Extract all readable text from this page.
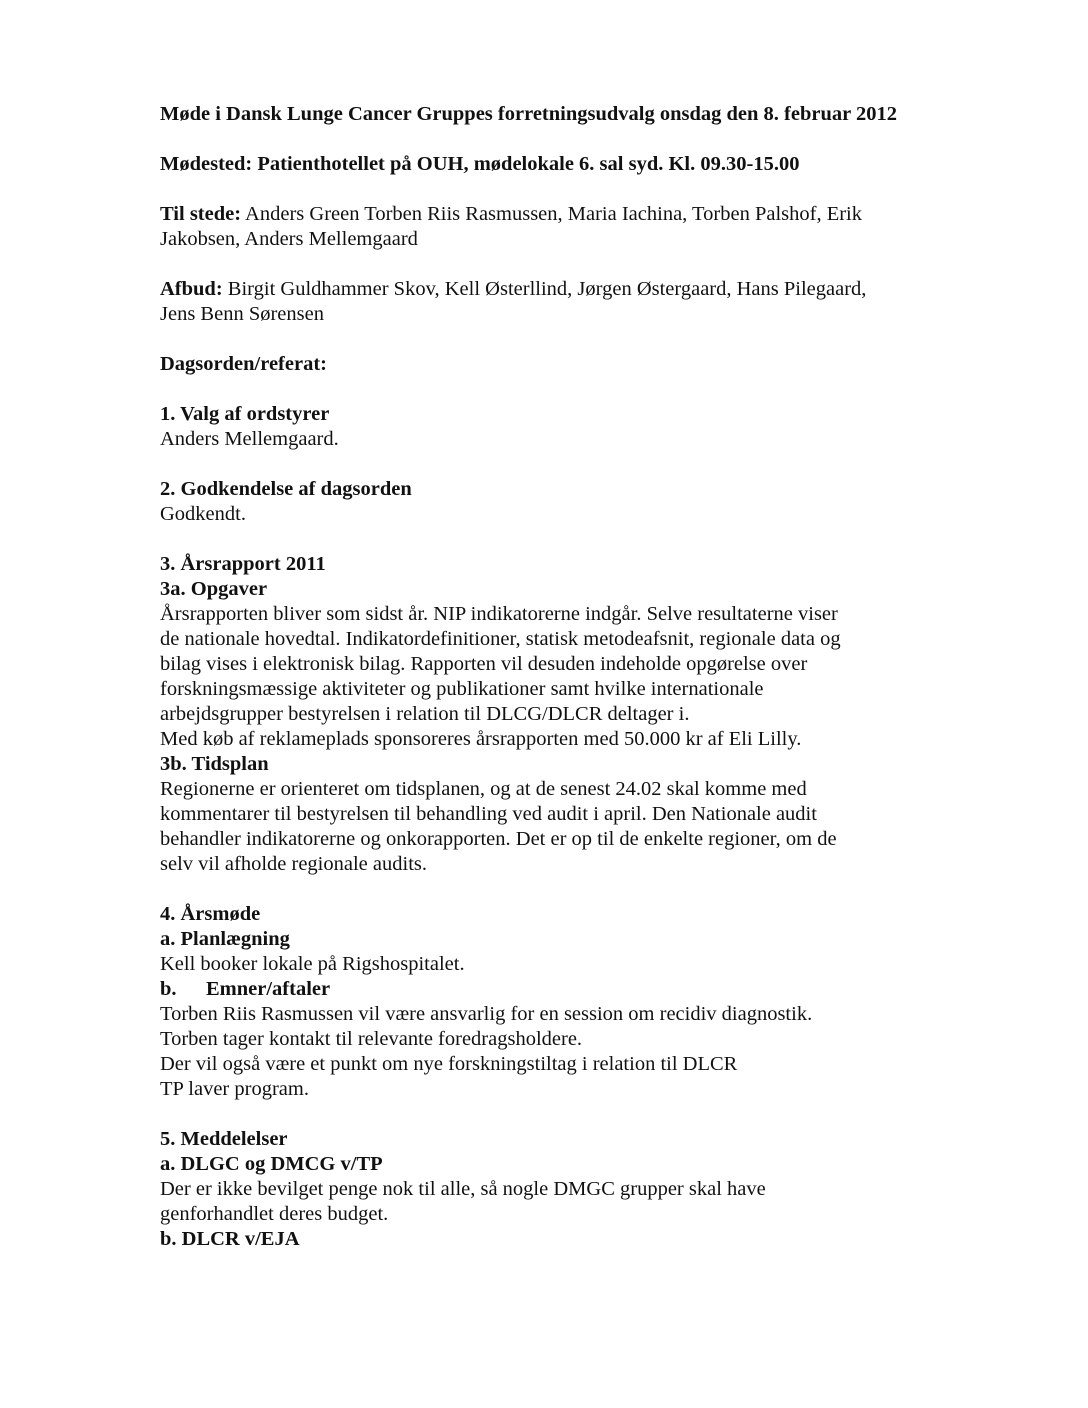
Møde i Dansk Lunge Cancer Gruppes forretningsudvalg onsdag den 8. februar 2012

Mødested: Patienthotellet på OUH, mødelokale 6. sal syd. Kl. 09.30-15.00

Til stede: Anders Green Torben Riis Rasmussen, Maria Iachina, Torben Palshof, Erik

Jakobsen, Anders Mellemgaard

Afbud: Birgit Guldhammer Skov, Kell Østerllind, Jørgen Østergaard, Hans Pilegaard,

Jens Benn Sørensen

Dagsorden/referat:

1. Valg af ordstyrer

Anders Mellemgaard.

2. Godkendelse af dagsorden

Godkendt.

3. Årsrapport 2011

3a. Opgaver

Årsrapporten bliver som sidst år. NIP indikatorerne indgår. Selve resultaterne viser

de nationale hovedtal. Indikatordefinitioner, statisk metodeafsnit, regionale data og

bilag vises i elektronisk bilag. Rapporten vil desuden indeholde opgørelse over

forskningsmæssige aktiviteter og publikationer samt hvilke internationale

arbejdsgrupper bestyrelsen i relation til DLCG/DLCR deltager i.

Med køb af reklameplads sponsoreres årsrapporten med 50.000 kr af Eli Lilly.

3b. Tidsplan

Regionerne er orienteret om tidsplanen, og at de senest 24.02 skal komme med

kommentarer til bestyrelsen til behandling ved audit i april. Den Nationale audit

behandler indikatorerne og onkorapporten. Det er op til de enkelte regioner, om de

selv vil afholde regionale audits.

4. Årsmøde

a. Planlægning

Kell booker lokale på Rigshospitalet.

b. Emner/aftaler

Torben Riis Rasmussen vil være ansvarlig for en session om recidiv diagnostik.

Torben tager kontakt til relevante foredragsholdere.

Der vil også være et punkt om nye forskningstiltag i relation til DLCR

TP laver program.

5. Meddelelser

a. DLGC og DMCG v/TP

Der er ikke bevilget penge nok til alle, så nogle DMGC grupper skal have

genforhandlet deres budget.

b. DLCR v/EJA
